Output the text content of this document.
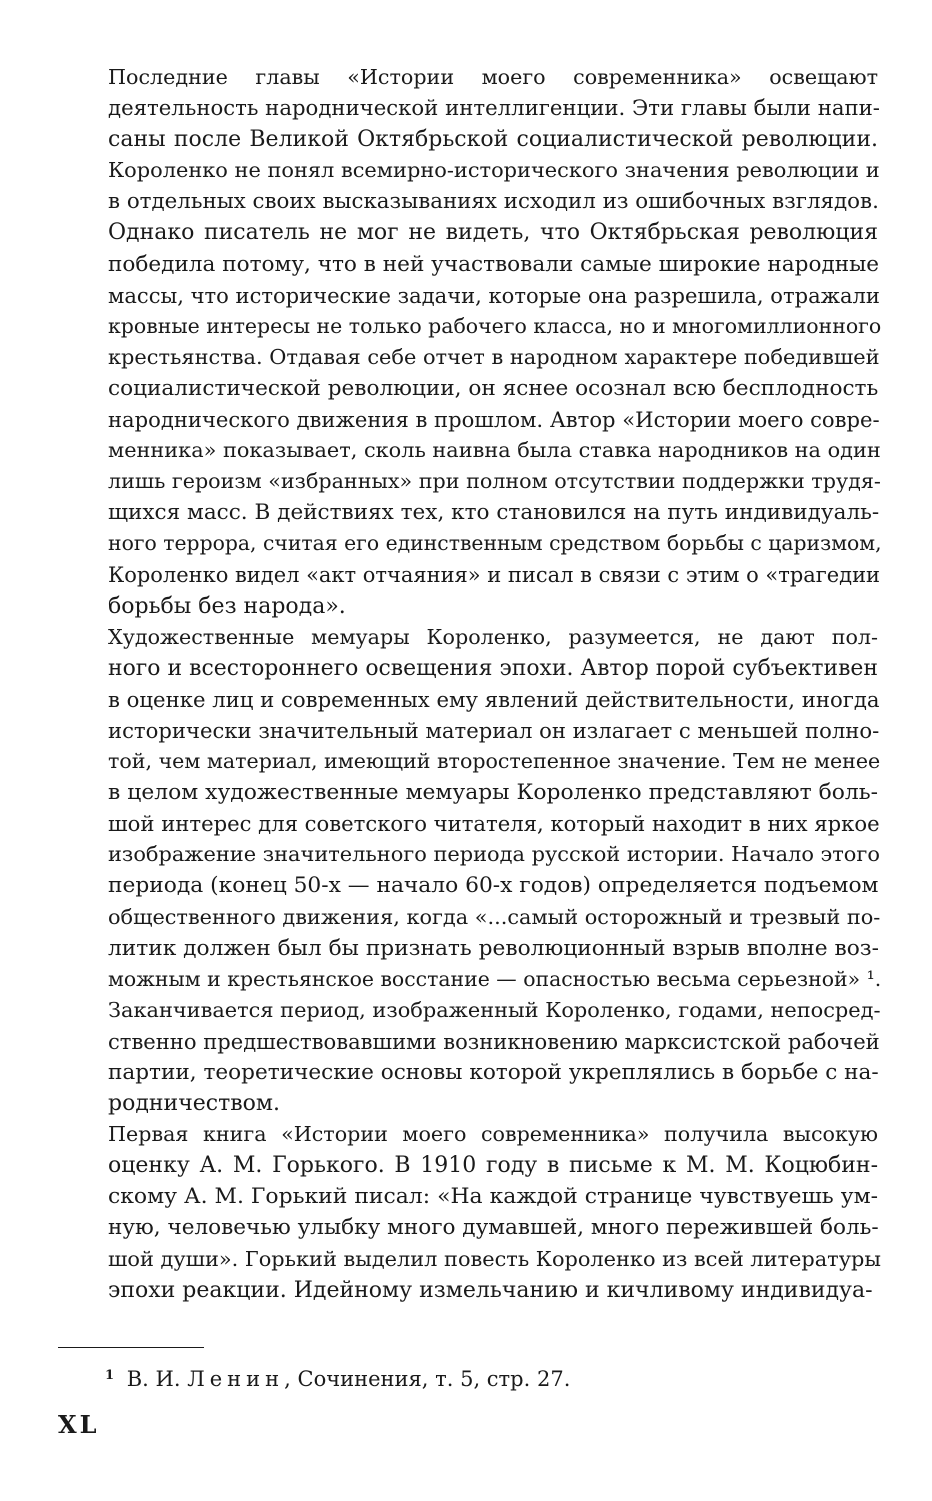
Последние главы «Истории моего современника» освещают
деятельность народнической интеллигенции. Эти главы были напи-
саны после Великой Октябрьской социалистической революции.
Короленко не понял всемирно-исторического значения революции и
в отдельных своих высказываниях исходил из ошибочных взглядов.
Однако писатель не мог не видеть, что Октябрьская революция
победила потому, что в ней участвовали самые широкие народные
массы, что исторические задачи, которые она разрешила, отражали
кровные интересы не только рабочего класса, но и многомиллионного
крестьянства. Отдавая себе отчет в народном характере победившей
социалистической революции, он яснее осознал всю бесплодность
народнического движения в прошлом. Автор «Истории моего совре-
менника» показывает, сколь наивна была ставка народников на один
лишь героизм «избранных» при полном отсутствии поддержки трудя-
щихся масс. В действиях тех, кто становился на путь индивидуаль-
ного террора, считая его единственным средством борьбы с царизмом,
Короленко видел «акт отчаяния» и писал в связи с этим о «трагедии
борьбы без народа».

Художественные мемуары Короленко, разумеется, не дают пол-
ного и всестороннего освещения эпохи. Автор порой субъективен
в оценке лиц и современных ему явлений действительности, иногда
исторически значительный материал он излагает с меньшей полно-
той, чем материал, имеющий второстепенное значение. Тем не менее
в целом художественные мемуары Короленко представляют боль-
шой интерес для советского читателя, который находит в них яркое
изображение значительного периода русской истории. Начало этого
периода (конец 50-х — начало 60-х годов) определяется подъемом
общественного движения, когда «...самый осторожный и трезвый по-
литик должен был бы признать революционный взрыв вполне воз-
можным и крестьянское восстание — опасностью весьма серьезной» ¹.
Заканчивается период, изображенный Короленко, годами, непосред-
ственно предшествовавшими возникновению марксистской рабочей
партии, теоретические основы которой укреплялись в борьбе с на-
родничеством.

Первая книга «Истории моего современника» получила высокую
оценку А. М. Горького. В 1910 году в письме к М. М. Коцюбин-
скому А. М. Горький писал: «На каждой странице чувствуешь ум-
ную, человечью улыбку много думавшей, много пережившей боль-
шой души». Горький выделил повесть Короленко из всей литературы
эпохи реакции. Идейному измельчанию и кичливому индивидуа-

$^1$ В. И. Ленин, Сочинения, т. 5, стр. 27.
XL
